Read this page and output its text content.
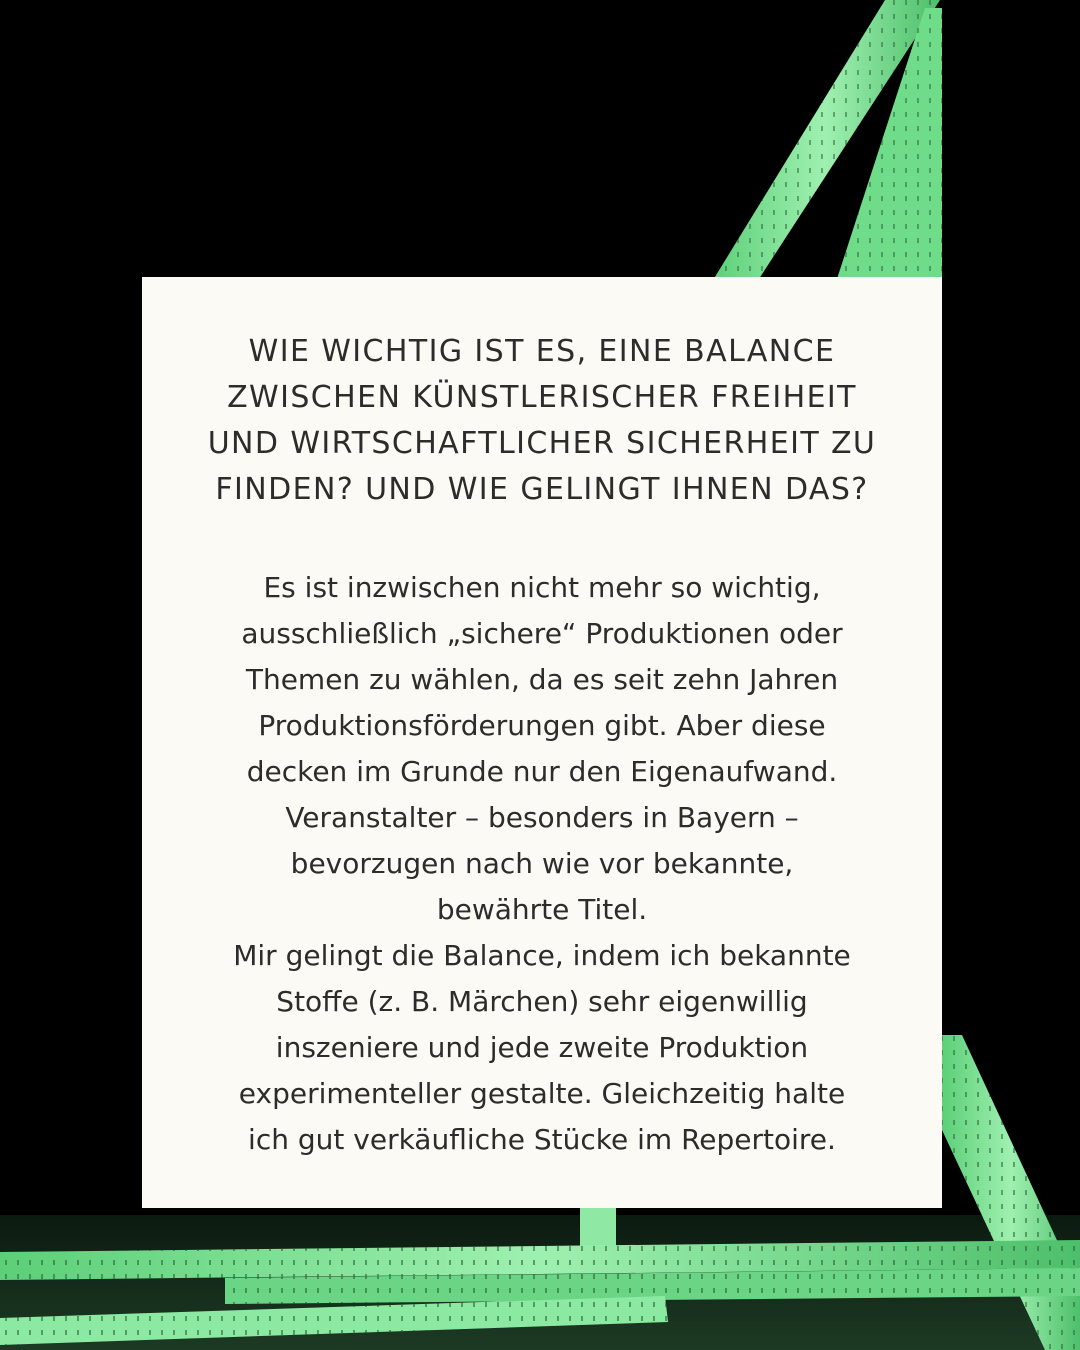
WIE WICHTIG IST ES, EINE BALANCE
ZWISCHEN KÜNSTLERISCHER FREIHEIT
UND WIRTSCHAFTLICHER SICHERHEIT ZU
FINDEN? UND WIE GELINGT IHNEN DAS?

Es ist inzwischen nicht mehr so wichtig,
ausschließlich „sichere“ Produktionen oder
Themen zu wählen, da es seit zehn Jahren
Produktionsförderungen gibt. Aber diese
decken im Grunde nur den Eigenaufwand.
Veranstalter – besonders in Bayern –
bevorzugen nach wie vor bekannte,
bewährte Titel.
Mir gelingt die Balance, indem ich bekannte
Stoffe (z. B. Märchen) sehr eigenwillig
inszeniere und jede zweite Produktion
experimenteller gestalte. Gleichzeitig halte
ich gut verkäufliche Stücke im Repertoire.
